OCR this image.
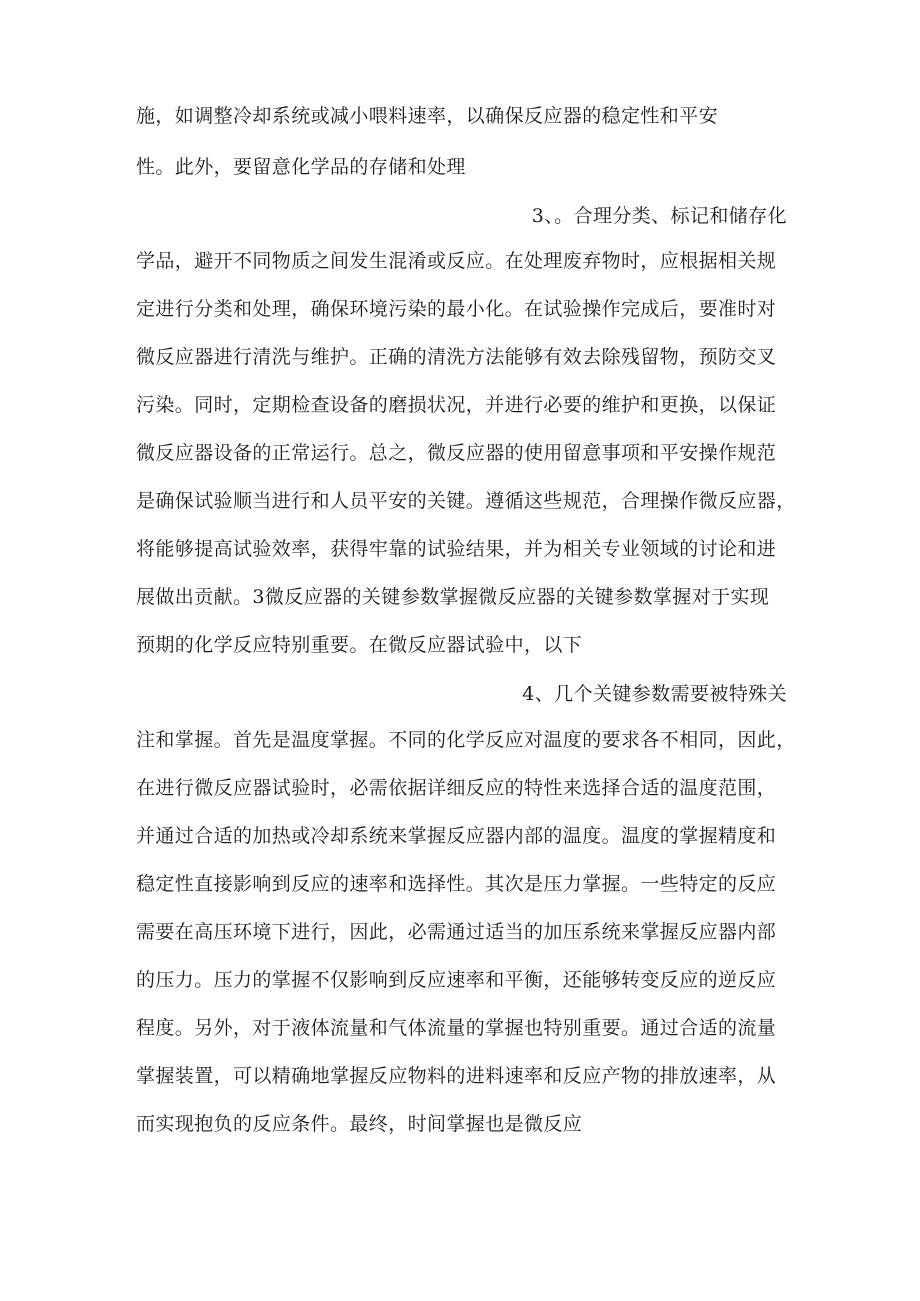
施，如调整冷却系统或减小喂料速率，以确保反应器的稳定性和平安
性。此外，要留意化学品的存储和处理
3、。合理分类、标记和储存化
学品，避开不同物质之间发生混淆或反应。在处理废弃物时，应根据相关规
定进行分类和处理，确保环境污染的最小化。在试验操作完成后，要准时对
微反应器进行清洗与维护。正确的清洗方法能够有效去除残留物，预防交叉
污染。同时，定期检查设备的磨损状况，并进行必要的维护和更换，以保证
微反应器设备的正常运行。总之，微反应器的使用留意事项和平安操作规范
是确保试验顺当进行和人员平安的关键。遵循这些规范，合理操作微反应器，
将能够提高试验效率，获得牢靠的试验结果，并为相关专业领域的讨论和进
展做出贡献。3微反应器的关键参数掌握微反应器的关键参数掌握对于实现
预期的化学反应特别重要。在微反应器试验中，以下
4、几个关键参数需要被特殊关
注和掌握。首先是温度掌握。不同的化学反应对温度的要求各不相同，因此，
在进行微反应器试验时，必需依据详细反应的特性来选择合适的温度范围，
并通过合适的加热或冷却系统来掌握反应器内部的温度。温度的掌握精度和
稳定性直接影响到反应的速率和选择性。其次是压力掌握。一些特定的反应
需要在高压环境下进行，因此，必需通过适当的加压系统来掌握反应器内部
的压力。压力的掌握不仅影响到反应速率和平衡，还能够转变反应的逆反应
程度。另外，对于液体流量和气体流量的掌握也特别重要。通过合适的流量
掌握装置，可以精确地掌握反应物料的进料速率和反应产物的排放速率，从
而实现抱负的反应条件。最终，时间掌握也是微反应
